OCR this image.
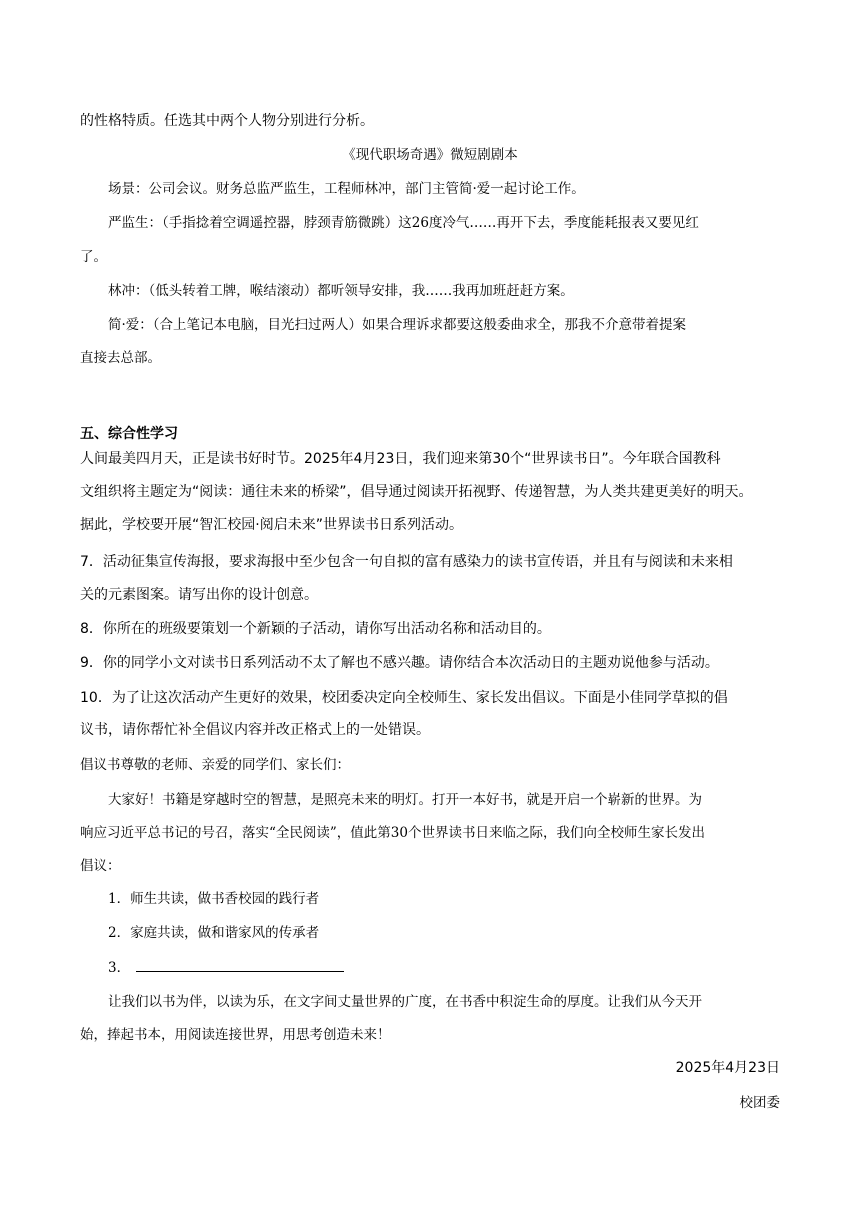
的性格特质。任选其中两个人物分别进行分析。
《现代职场奇遇》微短剧剧本
场景：公司会议。财务总监严监生，工程师林冲，部门主管简·爱一起讨论工作。
严监生：（手指捻着空调遥控器，脖颈青筋微跳）这26度冷气……再开下去，季度能耗报表又要见红
了。
林冲：（低头转着工牌，喉结滚动）都听领导安排，我……我再加班赶赶方案。
简·爱：（合上笔记本电脑，目光扫过两人）如果合理诉求都要这般委曲求全，那我不介意带着提案
直接去总部。
五、综合性学习
人间最美四月天，正是读书好时节。2025年4月23日，我们迎来第30个“世界读书日”。今年联合国教科
文组织将主题定为“阅读：通往未来的桥梁”，倡导通过阅读开拓视野、传递智慧，为人类共建更美好的明天。
据此，学校要开展“智汇校园·阅启未来”世界读书日系列活动。
7．活动征集宣传海报，要求海报中至少包含一句自拟的富有感染力的读书宣传语，并且有与阅读和未来相
关的元素图案。请写出你的设计创意。
8．你所在的班级要策划一个新颖的子活动，请你写出活动名称和活动目的。
9．你的同学小文对读书日系列活动不太了解也不感兴趣。请你结合本次活动日的主题劝说他参与活动。
10．为了让这次活动产生更好的效果，校团委决定向全校师生、家长发出倡议。下面是小佳同学草拟的倡
议书，请你帮忙补全倡议内容并改正格式上的一处错误。
倡议书尊敬的老师、亲爱的同学们、家长们：
大家好！书籍是穿越时空的智慧，是照亮未来的明灯。打开一本好书，就是开启一个崭新的世界。为
响应习近平总书记的号召，落实“全民阅读”，值此第30个世界读书日来临之际，我们向全校师生家长发出
倡议：
1．师生共读，做书香校园的践行者
2．家庭共读，做和谐家风的传承者
3．
让我们以书为伴，以读为乐，在文字间丈量世界的广度，在书香中积淀生命的厚度。让我们从今天开
始，捧起书本，用阅读连接世界，用思考创造未来！
2025年4月23日
校团委
